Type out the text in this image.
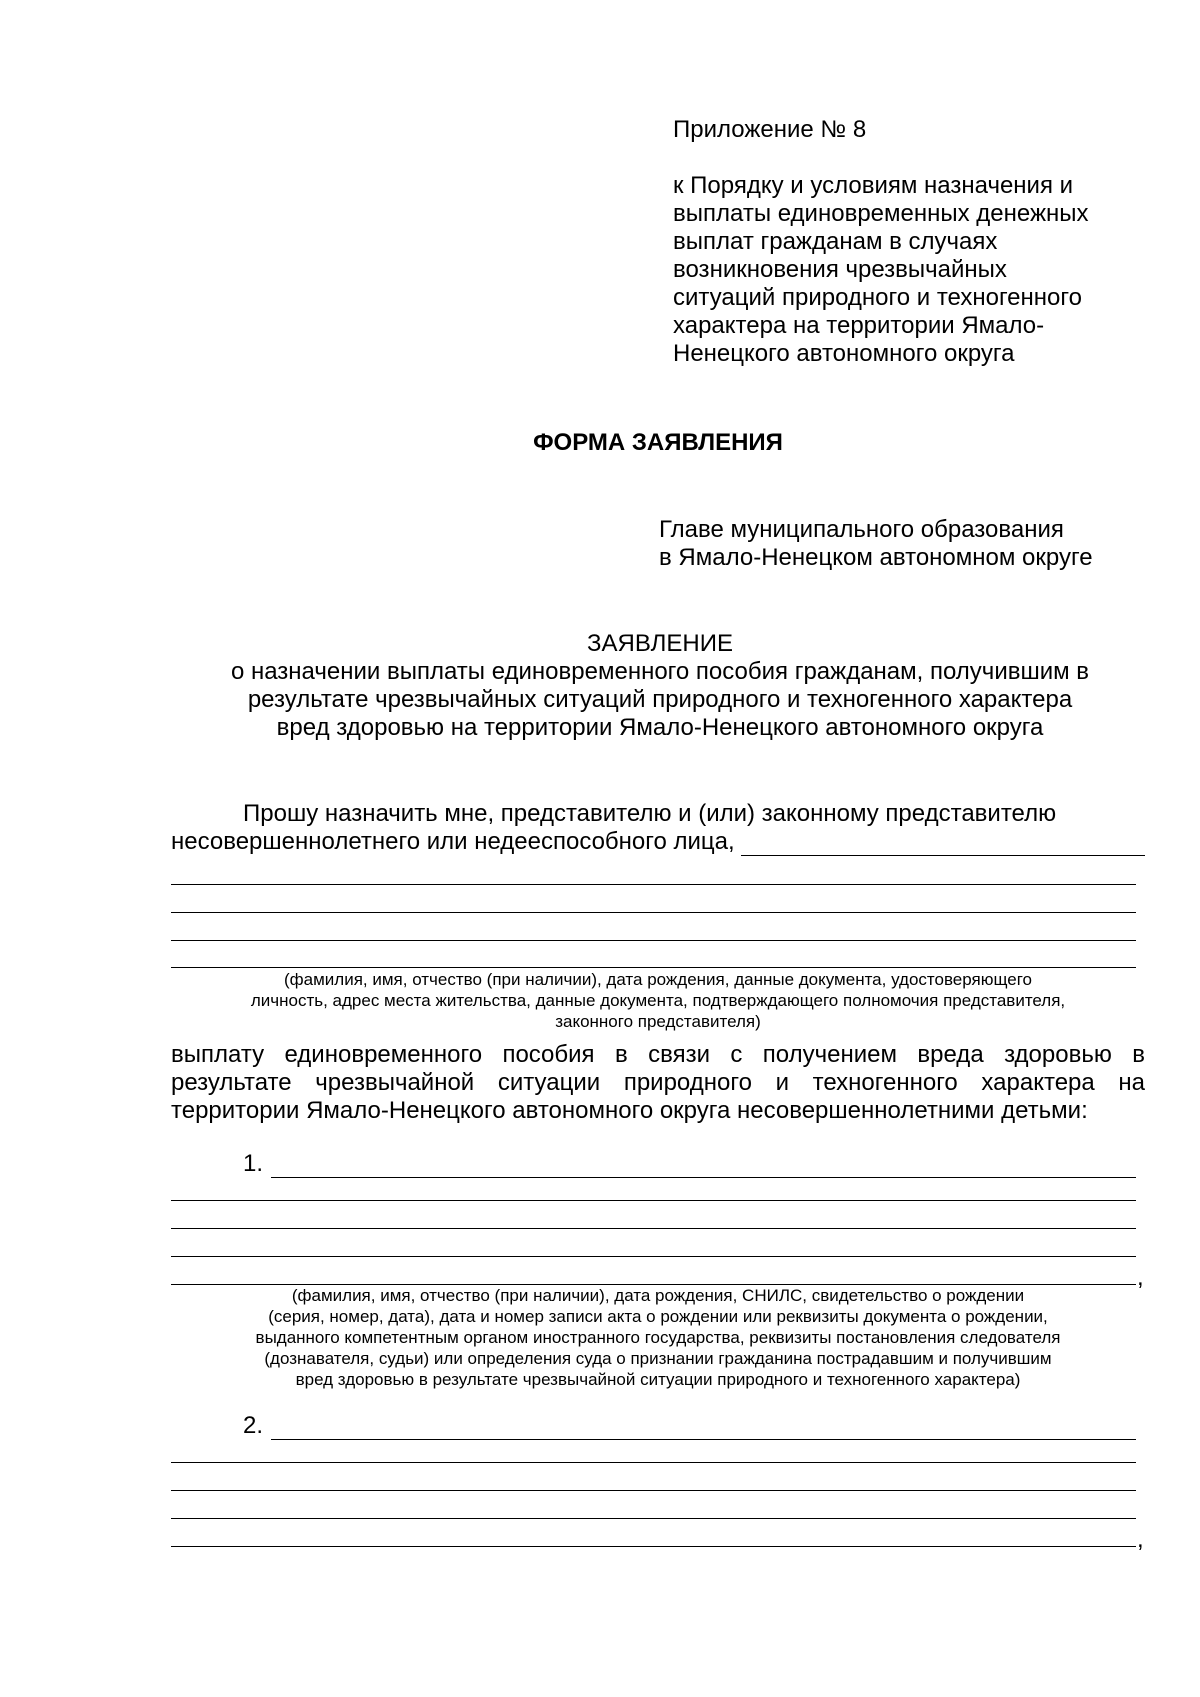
Приложение № 8
к Порядку и условиям назначения и
выплаты единовременных денежных
выплат гражданам в случаях
возникновения чрезвычайных
ситуаций природного и техногенного
характера на территории Ямало-
Ненецкого автономного округа
ФОРМА ЗАЯВЛЕНИЯ
Главе муниципального образования
в Ямало-Ненецком автономном округе
ЗАЯВЛЕНИЕ
о назначении выплаты единовременного пособия гражданам, получившим в
результате чрезвычайных ситуаций природного и техногенного характера
вред здоровью на территории Ямало-Ненецкого автономного округа
Прошу назначить мне, представителю и (или) законному представителю
несовершеннолетнего или недееспособного лица,
(фамилия, имя, отчество (при наличии), дата рождения, данные документа, удостоверяющего
личность, адрес места жительства, данные документа, подтверждающего полномочия представителя,
законного представителя)

выплату единовременного пособия в связи с получением вреда здоровью в результате чрезвычайной ситуации природного и техногенного характера на территории Ямало-Ненецкого автономного округа несовершеннолетними детьми:

1.
,
(фамилия, имя, отчество (при наличии), дата рождения, СНИЛС, свидетельство о рождении
(серия, номер, дата), дата и номер записи акта о рождении или реквизиты документа о рождении,
выданного компетентным органом иностранного государства, реквизиты постановления следователя
(дознавателя, судьи) или определения суда о признании гражданина пострадавшим и получившим
вред здоровью в результате чрезвычайной ситуации природного и техногенного характера)
2.
,
